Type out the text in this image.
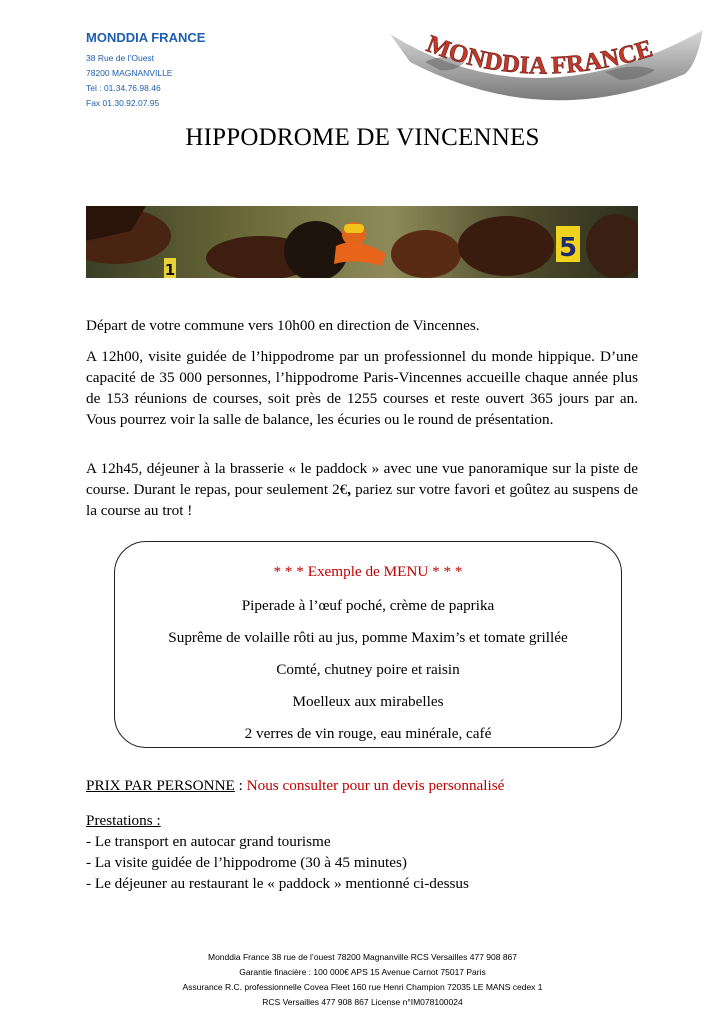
MONDDIA FRANCE
38 Rue de l’Ouest
78200 MAGNANVILLE
Tel : 01.34.76.98.46
Fax 01.30.92.07.95
MONDDIA FRANCE
HIPPODROME DE VINCENNES
1
5
Départ de votre commune vers 10h00 en direction de Vincennes.
A 12h00, visite guidée de l’hippodrome par un professionnel du monde hippique. D’une capacité de 35 000 personnes, l’hippodrome Paris-Vincennes accueille chaque année plus de 153 réunions de courses, soit près de 1255 courses et reste ouvert 365 jours par an. Vous pourrez voir la salle de balance, les écuries ou le round de présentation.
A 12h45, déjeuner à la brasserie « le paddock » avec une vue panoramique sur la piste de course. Durant le repas, pour seulement 2€, pariez sur votre favori et goûtez au suspens de la course au trot !
* * * Exemple de MENU * * *
Piperade à l’œuf poché, crème de paprika
Suprême de volaille rôti au jus, pomme Maxim’s et tomate grillée
Comté, chutney poire et raisin
Moelleux aux mirabelles
2 verres de vin rouge, eau minérale, café
PRIX PAR PERSONNE : Nous consulter pour un devis personnalisé
Prestations :
- Le transport en autocar grand tourisme
- La visite guidée de l’hippodrome (30 à 45 minutes)
- Le déjeuner au restaurant le « paddock » mentionné ci-dessus
Monddia France 38 rue de l’ouest 78200 Magnanville RCS Versailles 477 908 867
Garantie finacière : 100 000€ APS 15 Avenue Carnot 75017 Paris
Assurance R.C. professionnelle Covea Fleet 160 rue Henri Champion 72035 LE MANS cedex 1
RCS Versailles 477 908 867 License n°IM078100024
